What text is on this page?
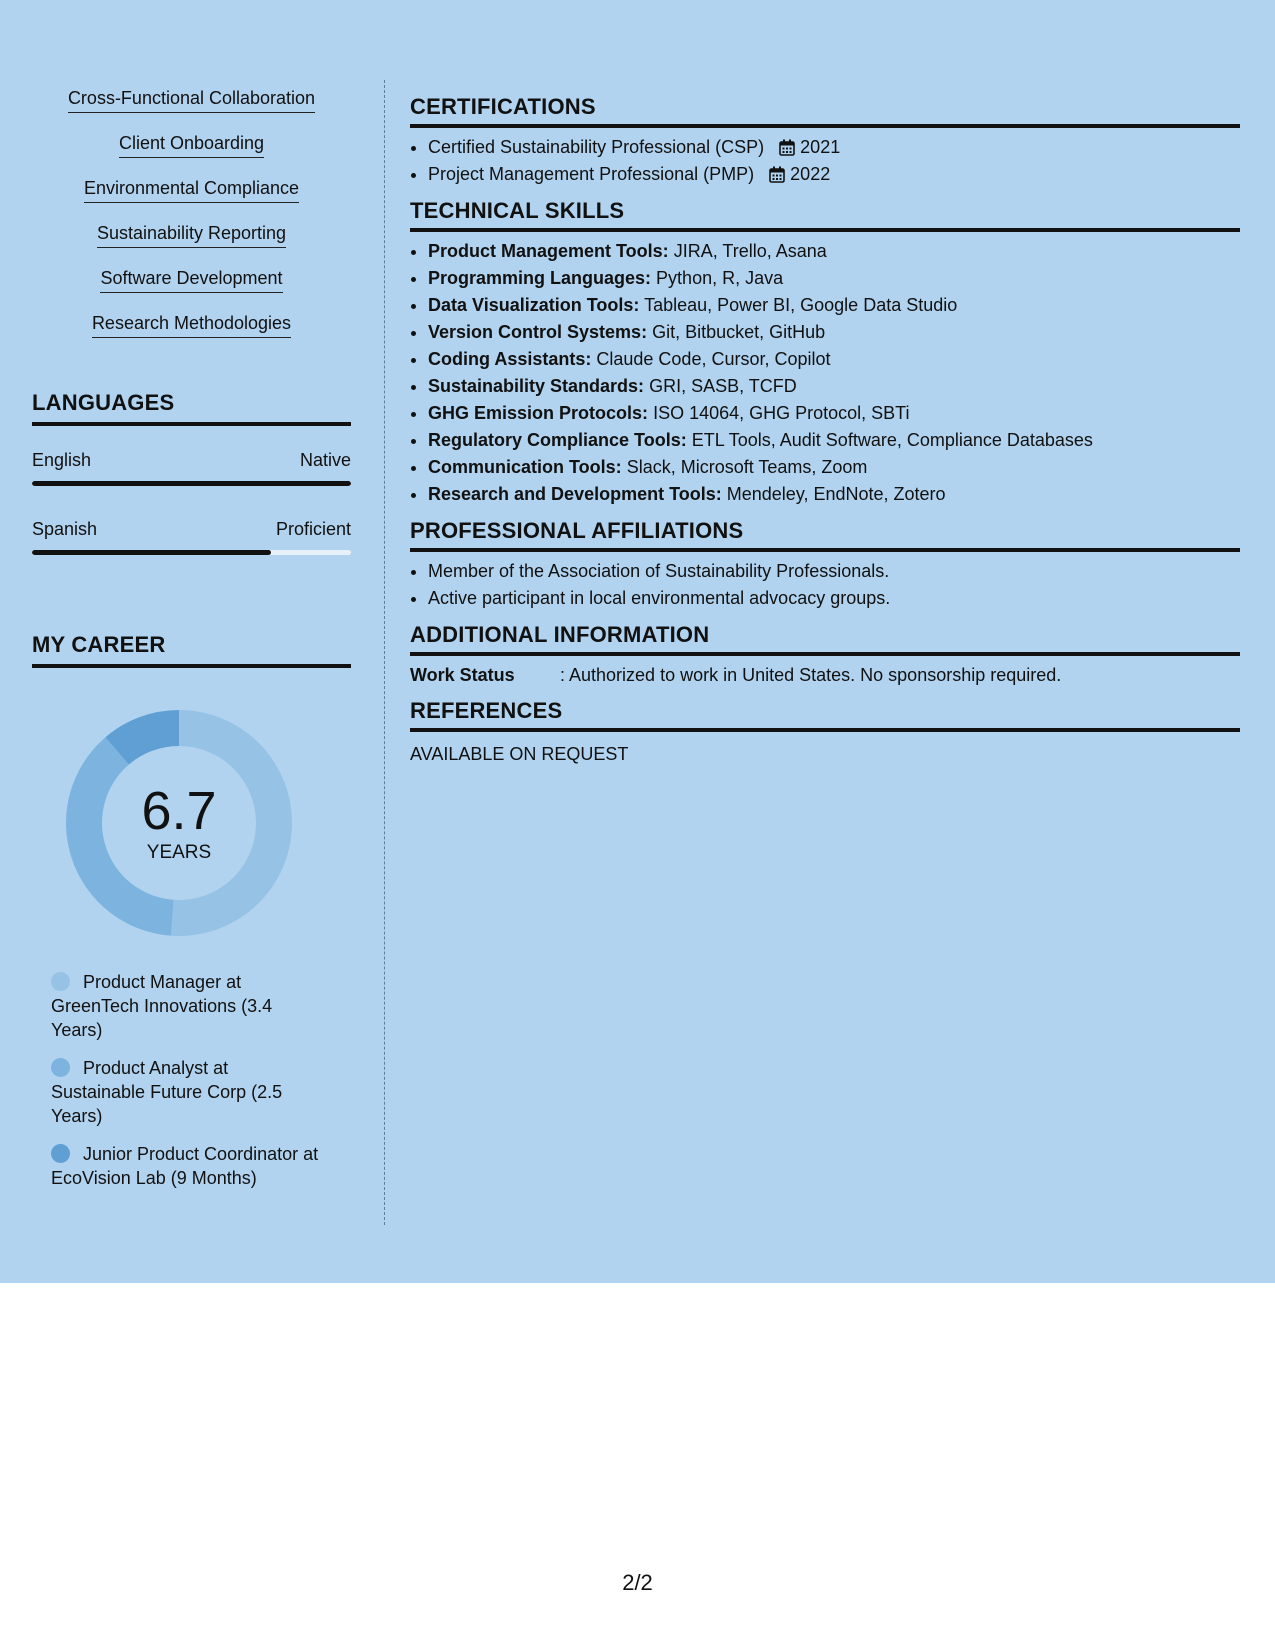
Cross-Functional Collaboration
Client Onboarding
Environmental Compliance
Sustainability Reporting
Software Development
Research Methodologies
LANGUAGES
English	Native
Spanish	Proficient
MY CAREER
6.7
YEARS
Product Manager at GreenTech Innovations (3.4 Years)
Product Analyst at Sustainable Future Corp (2.5 Years)
Junior Product Coordinator at EcoVision Lab (9 Months)
CERTIFICATIONS
• Certified Sustainability Professional (CSP) 2021
• Project Management Professional (PMP) 2022
TECHNICAL SKILLS
• Product Management Tools: JIRA, Trello, Asana
• Programming Languages: Python, R, Java
• Data Visualization Tools: Tableau, Power BI, Google Data Studio
• Version Control Systems: Git, Bitbucket, GitHub
• Coding Assistants: Claude Code, Cursor, Copilot
• Sustainability Standards: GRI, SASB, TCFD
• GHG Emission Protocols: ISO 14064, GHG Protocol, SBTi
• Regulatory Compliance Tools: ETL Tools, Audit Software, Compliance Databases
• Communication Tools: Slack, Microsoft Teams, Zoom
• Research and Development Tools: Mendeley, EndNote, Zotero
PROFESSIONAL AFFILIATIONS
• Member of the Association of Sustainability Professionals.
• Active participant in local environmental advocacy groups.
ADDITIONAL INFORMATION
Work Status	: Authorized to work in United States. No sponsorship required.
REFERENCES
AVAILABLE ON REQUEST
2/2
